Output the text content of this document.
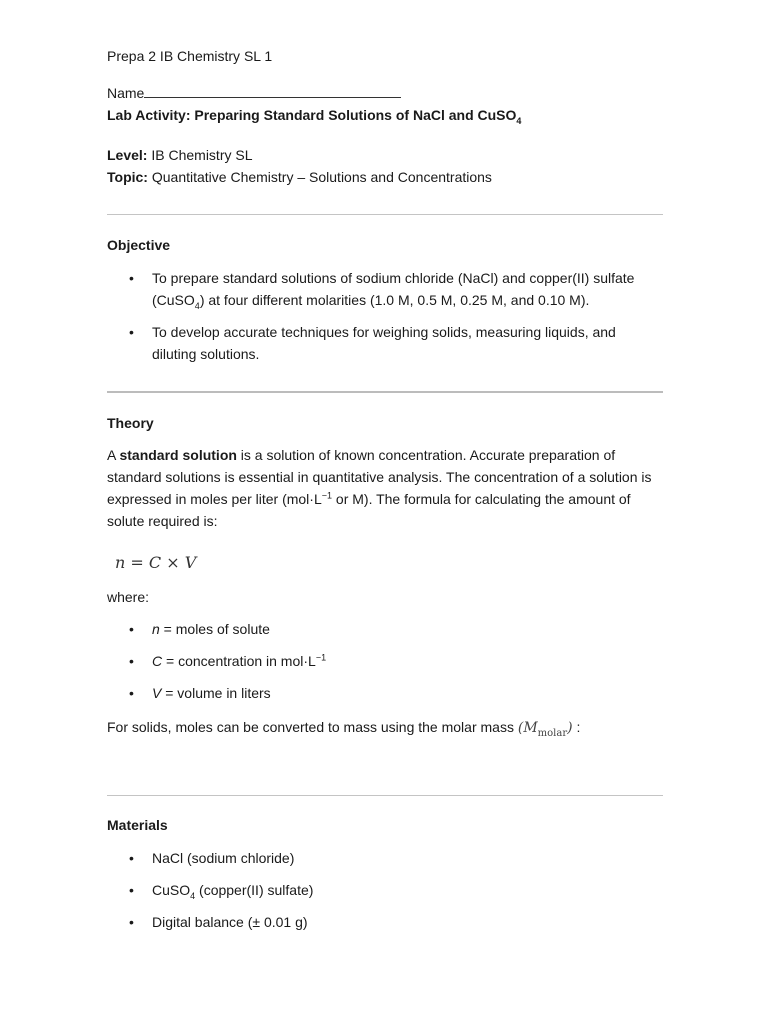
Prepa 2 IB Chemistry SL 1

Name

Lab Activity: Preparing Standard Solutions of NaCl and CuSO$_4$

Level: IB Chemistry SL

Topic: Quantitative Chemistry – Solutions and Concentrations

Objective

• To prepare standard solutions of sodium chloride (NaCl) and copper(II) sulfate (CuSO$_4$) at four different molarities (1.0 M, 0.5 M, 0.25 M, and 0.10 M).
• To develop accurate techniques for weighing solids, measuring liquids, and diluting solutions.

Theory

A standard solution is a solution of known concentration. Accurate preparation of standard solutions is essential in quantitative analysis. The concentration of a solution is expressed in moles per liter ($mol\cdot L^{-1}$ or M). The formula for calculating the amount of solute required is:

n = C × V

where:

• n = moles of solute
• C = concentration in $mol\cdot L^{-1}$
• V = volume in liters

For solids, moles can be converted to mass using the molar mass $(M_{molar})$ :

Materials

• NaCl (sodium chloride)
• CuSO$_4$ (copper(II) sulfate)
• Digital balance (± 0.01 g)
